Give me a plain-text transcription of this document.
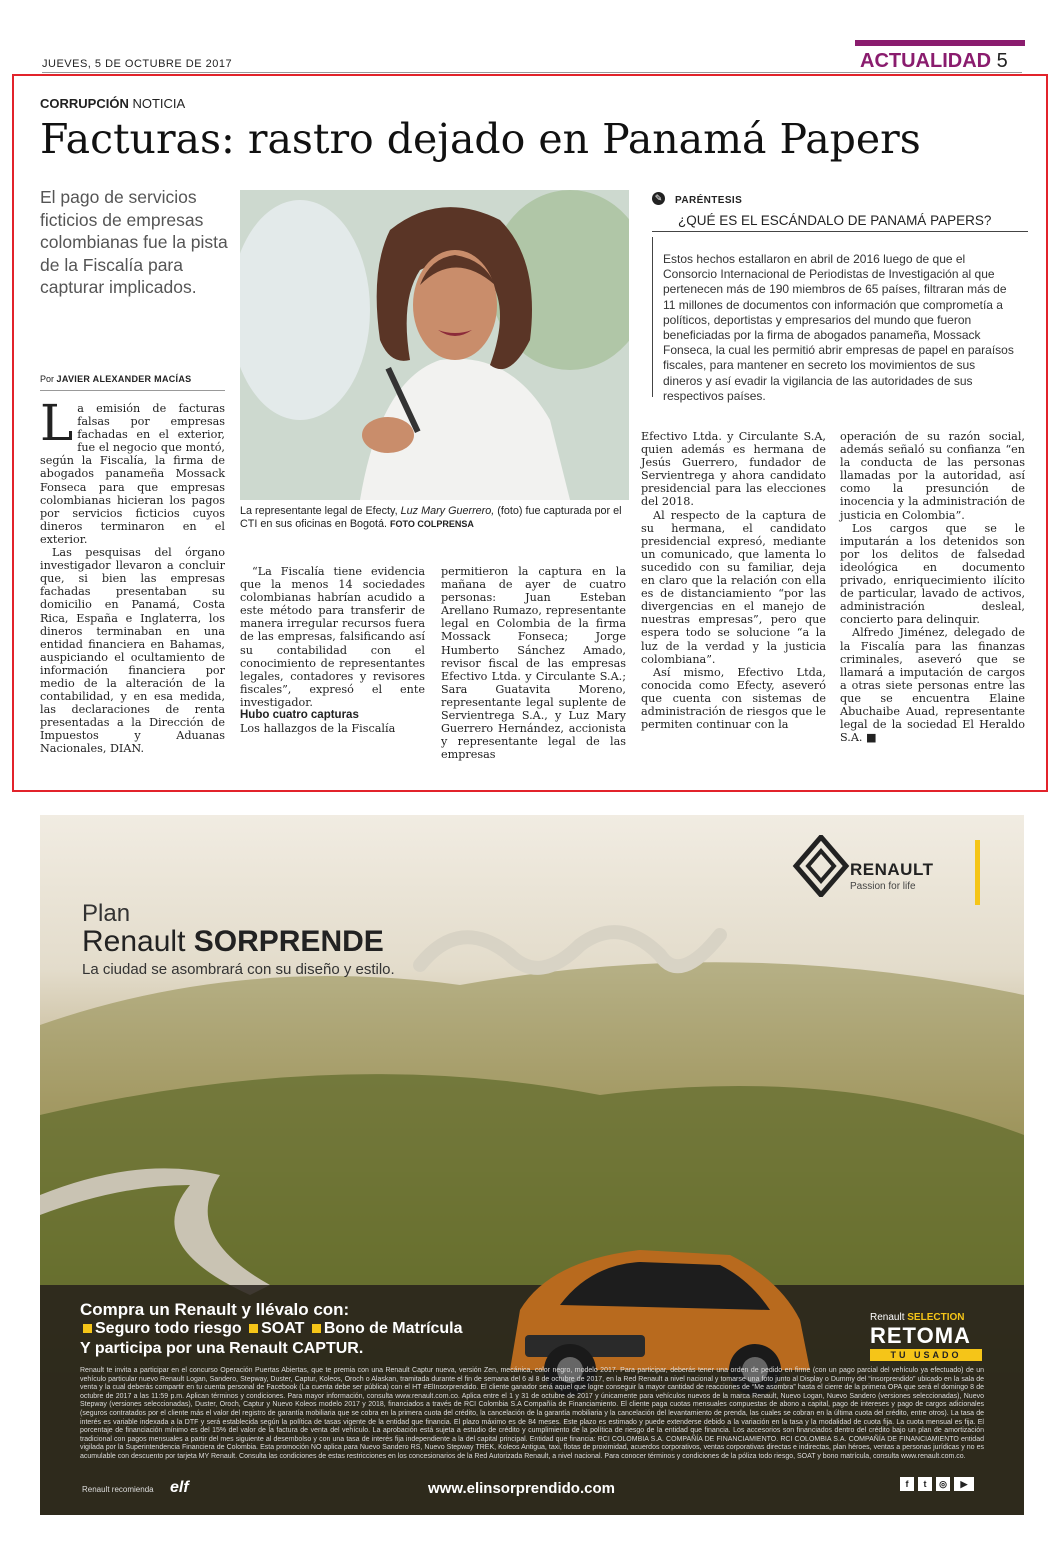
JUEVES, 5 DE OCTUBRE DE 2017	ACTUALIDAD 5
CORRUPCIÓN NOTICIA
Facturas: rastro dejado en Panamá Papers
El pago de servicios ficticios de empresas colombianas fue la pista de la Fiscalía para capturar implicados.
Por JAVIER ALEXANDER MACÍAS
La representante legal de Efecty, Luz Mary Guerrero, (foto) fue capturada por el CTI en sus oficinas en Bogotá. FOTO COLPRENSA
L a emisión de facturas falsas por empresas fachadas en el exterior, fue el negocio que montó, según la Fiscalía, la firma de abogados panameña Mossack Fonseca para que empresas colombianas hicieran los pagos por servicios ficticios cuyos dineros terminaron en el exterior.

Las pesquisas del órgano investigador llevaron a concluir que, si bien las empresas fachadas presentaban su domicilio en Panamá, Costa Rica, España e Inglaterra, los dineros terminaban en una entidad financiera en Bahamas, auspiciando el ocultamiento de información financiera por medio de la alteración de la contabilidad, y en esa medida, las declaraciones de renta presentadas a la Dirección de Impuestos y Aduanas Nacionales, DIAN.

“La Fiscalía tiene evidencia que la menos 14 sociedades colombianas habrían acudido a este método para transferir de manera irregular recursos fuera de las empresas, falsificando así su contabilidad con el conocimiento de representantes legales, contadores y revisores fiscales”, expresó el ente investigador.

Hubo cuatro capturas

Los hallazgos de la Fiscalía

permitieron la captura en la mañana de ayer de cuatro personas: Juan Esteban Arellano Rumazo, representante legal en Colombia de la firma Mossack Fonseca; Jorge Humberto Sánchez Amado, revisor fiscal de las empresas Efectivo Ltda. y Circulante S.A.; Sara Guatavita Moreno, representante legal suplente de Servientrega S.A., y Luz Mary Guerrero Hernández, accionista y representante legal de las empresas

Efectivo Ltda. y Circulante S.A, quien además es hermana de Jesús Guerrero, fundador de Servientrega y ahora candidato presidencial para las elecciones del 2018.

Al respecto de la captura de su hermana, el candidato presidencial expresó, mediante un comunicado, que lamenta lo sucedido con su familiar, deja en claro que la relación con ella es de distanciamiento “por las divergencias en el manejo de nuestras empresas”, pero que espera todo se solucione “a la luz de la verdad y la justicia colombiana”.

Así mismo, Efectivo Ltda, conocida como Efecty, aseveró que cuenta con sistemas de administración de riesgos que le permiten continuar con la

operación de su razón social, además señaló su confianza “en la conducta de las personas llamadas por la autoridad, así como la presunción de inocencia y la administración de justicia en Colombia”.

Los cargos que se le imputarán a los detenidos son por los delitos de falsedad ideológica en documento privado, enriquecimiento ilícito de particular, lavado de activos, administración desleal, concierto para delinquir.

Alfredo Jiménez, delegado de la Fiscalía para las finanzas criminales, aseveró que se llamará a imputación de cargos a otras siete personas entre las que se encuentra Elaine Abuchaibe Auad, representante legal de la sociedad El Heraldo S.A. ■

✎ PARÉNTESIS
¿QUÉ ES EL ESCÁNDALO DE PANAMÁ PAPERS?
Estos hechos estallaron en abril de 2016 luego de que el Consorcio Internacional de Periodistas de Investigación al que pertenecen más de 190 miembros de 65 países, filtraran más de 11 millones de documentos con información que comprometía a políticos, deportistas y empresarios del mundo que fueron beneficiadas por la firma de abogados panameña, Mossack Fonseca, la cual les permitió abrir empresas de papel en paraísos fiscales, para mantener en secreto los movimientos de sus dineros y así evadir la vigilancia de las autoridades de sus respectivos países.
Plan
Renault SORPRENDE
La ciudad se asombrará con su diseño y estilo.
RENAULT
Passion for life
Compra un Renault y llévalo con:
Seguro todo riesgo SOAT Bono de Matrícula
Y participa por una Renault CAPTUR.
Renault SELECTION
RETOMA
TU USADO
Renault te invita a participar en el concurso Operación Puertas Abiertas, que te premia con una Renault Captur nueva, versión Zen, mecánica, color negro, modelo 2017. Para participar, deberás tener una orden de pedido en firme (con un pago parcial del vehículo ya efectuado) de un vehículo particular nuevo Renault Logan, Sandero, Stepway, Duster, Captur, Koleos, Oroch o Alaskan, tramitada durante el fin de semana del 6 al 8 de octubre de 2017, en la Red Renault a nivel nacional y tomarse una foto junto al Display o Dummy del “insorprendido” ubicado en la sala de venta y la cual deberás compartir en tu cuenta personal de Facebook (La cuenta debe ser pública) con el HT #ElInsorprendido. El cliente ganador será aquel que logre conseguir la mayor cantidad de reacciones de “Me asombra” hasta el cierre de la primera OPA que será el domingo 8 de octubre de 2017 a las 11:59 p.m. Aplican términos y condiciones. Para mayor información, consulta www.renault.com.co. Aplica entre el 1 y 31 de octubre de 2017 y únicamente para vehículos nuevos de la marca Renault, Nuevo Logan, Nuevo Sandero (versiones seleccionadas), Nuevo Stepway (versiones seleccionadas), Duster, Oroch, Captur y Nuevo Koleos modelo 2017 y 2018, financiados a través de RCI Colombia S.A Compañía de Financiamiento. El cliente paga cuotas mensuales compuestas de abono a capital, pago de intereses y pago de cargos adicionales (seguros contratados por el cliente más el valor del registro de garantía mobiliaria que se cobra en la primera cuota del crédito, la cancelación de la garantía mobiliaria y la cancelación del levantamiento de prenda, las cuales se cobran en la última cuota del crédito, entre otros). La tasa de interés es variable indexada a la DTF y será establecida según la política de tasas vigente de la entidad que financia. El plazo máximo es de 84 meses. Este plazo es estimado y puede extenderse debido a la variación en la tasa y la modalidad de cuota fija. La cuota mensual es fija. El porcentaje de financiación mínimo es del 15% del valor de la factura de venta del vehículo. La aprobación está sujeta a estudio de crédito y cumplimiento de la política de riesgo de la entidad que financia. Los accesorios son financiados dentro del crédito bajo un plan de amortización tradicional con pagos mensuales a partir del mes siguiente al desembolso y con una tasa de interés fija independiente a la del capital principal. Entidad que financia: RCI COLOMBIA S.A. COMPAÑÍA DE FINANCIAMIENTO. RCI COLOMBIA S.A. COMPAÑÍA DE FINANCIAMIENTO entidad vigilada por la Superintendencia Financiera de Colombia. Esta promoción NO aplica para Nuevo Sandero RS, Nuevo Stepway TREK, Koleos Antigua, taxi, flotas de proximidad, acuerdos corporativos, ventas corporativas directas e indirectas, plan héroes, ventas a personas jurídicas y no es acumulable con descuento por tarjeta MY Renault. Consulta las condiciones de estas restricciones en los concesionarios de la Red Autorizada Renault, a nivel nacional. Para conocer términos y condiciones de la póliza todo riesgo, SOAT y bono matrícula, consulta www.renault.com.co.
Renault recomienda elf	www.elinsorprendido.com	f	t	◎	▶
